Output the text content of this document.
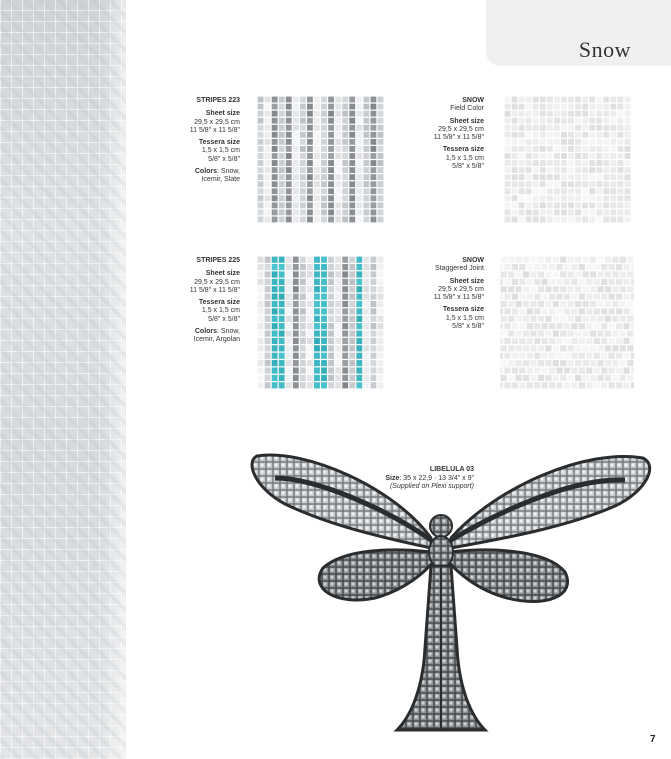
Snow
STRIPES 223
Sheet size
29,5 x 29,5 cm
11 5/8" x 11 5/8"
Tessera size
1,5 x 1,5 cm
5/8" x 5/8"
Colors: Snow, Icemir, Slate
SNOW
Field Color
Sheet size
29,5 x 29,5 cm
11 5/8" x 11 5/8"
Tessera size
1,5 x 1,5 cm
5/8" x 5/8"
STRIPES 225
Sheet size
29,5 x 29,5 cm
11 5/8" x 11 5/8"
Tessera size
1,5 x 1,5 cm
5/8" x 5/8"
Colors: Snow, Icemir, Argolan
SNOW
Staggered Joint
Sheet size
29,5 x 29,5 cm
11 5/8" x 11 5/8"
Tessera size
1,5 x 1,5 cm
5/8" x 5/8"
LIBELULA 03
Size: 35 x 22,9 · 13 3/4" x 9"
(Supplied on Plexi support)
7
